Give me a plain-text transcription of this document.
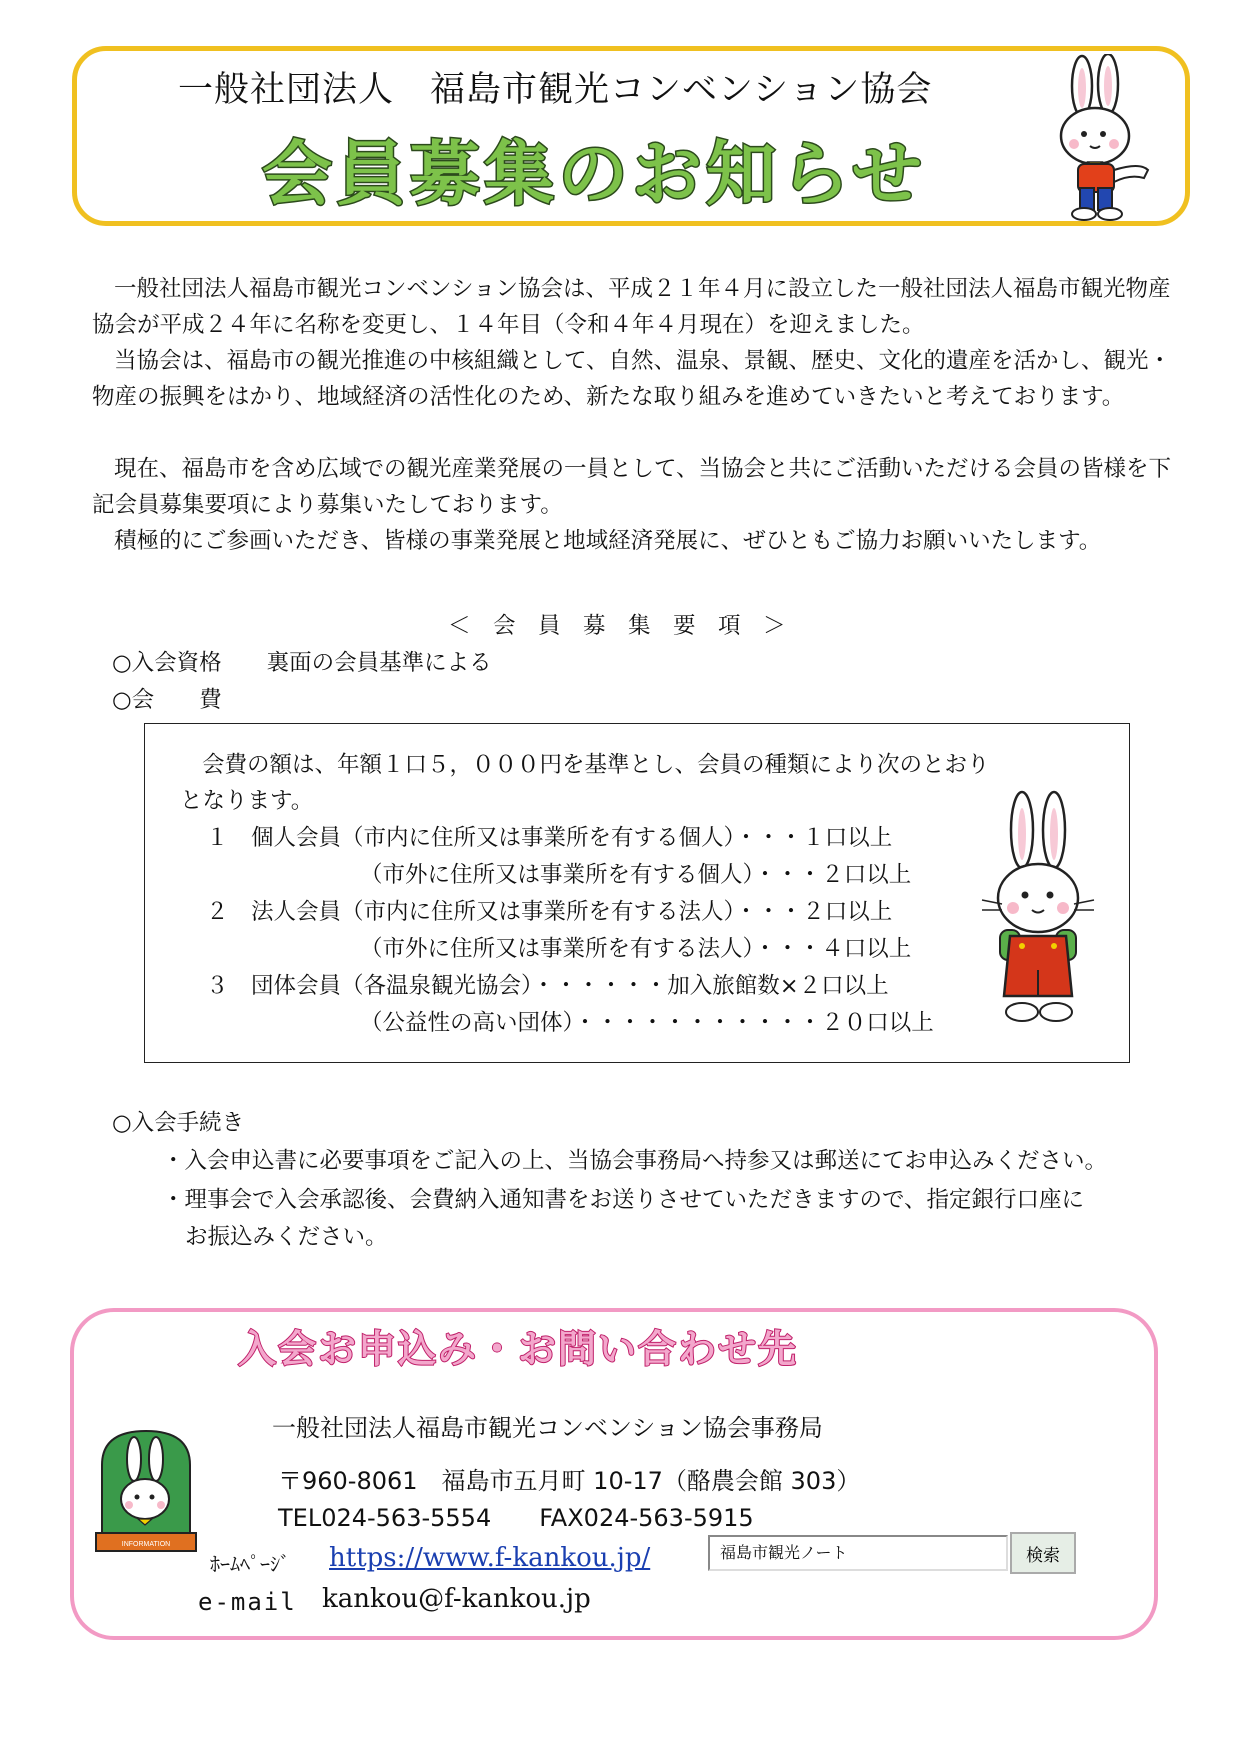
一般社団法人　福島市観光コンベンション協会
会員募集のお知らせ

一般社団法人福島市観光コンベンション協会は、平成２１年４月に設立した一般社団法人福島市観光物産協会が平成２４年に名称を変更し、１４年目（令和４年４月現在）を迎えました。

当協会は、福島市の観光推進の中核組織として、自然、温泉、景観、歴史、文化的遺産を活かし、観光・物産の振興をはかり、地域経済の活性化のため、新たな取り組みを進めていきたいと考えております。

現在、福島市を含め広域での観光産業発展の一員として、当協会と共にご活動いただける会員の皆様を下記会員募集要項により募集いたしております。

積極的にご参画いただき、皆様の事業発展と地域経済発展に、ぜひともご協力お願いいたします。

＜　会　員　募　集　要　項　＞
○入会資格　　裏面の会員基準による
○会　　費
会費の額は、年額１口５，０００円を基準とし、会員の種類により次のとおり
となります。
１　個人会員（市内に住所又は事業所を有する個人）・・・１口以上
（市外に住所又は事業所を有する個人）・・・２口以上
２　法人会員（市内に住所又は事業所を有する法人）・・・２口以上
（市外に住所又は事業所を有する法人）・・・４口以上
３　団体会員（各温泉観光協会）・・・・・・加入旅館数×２口以上
（公益性の高い団体）・・・・・・・・・・・２０口以上
○入会手続き
・入会申込書に必要事項をご記入の上、当協会事務局へ持参又は郵送にてお申込みください。
・理事会で入会承認後、会費納入通知書をお送りさせていただきますので、指定銀行口座に
お振込みください。
入会お申込み・お問い合わせ先
一般社団法人福島市観光コンベンション協会事務局
〒960-8061　福島市五月町 10-17（酪農会館 303）
TEL024-563-5554　　FAX024-563-5915
INFORMATION
ﾎｰﾑﾍﾟｰｼﾞ https://www.f-kankou.jp/	福島市観光ノート	検索
e-mail kankou@f-kankou.jp
